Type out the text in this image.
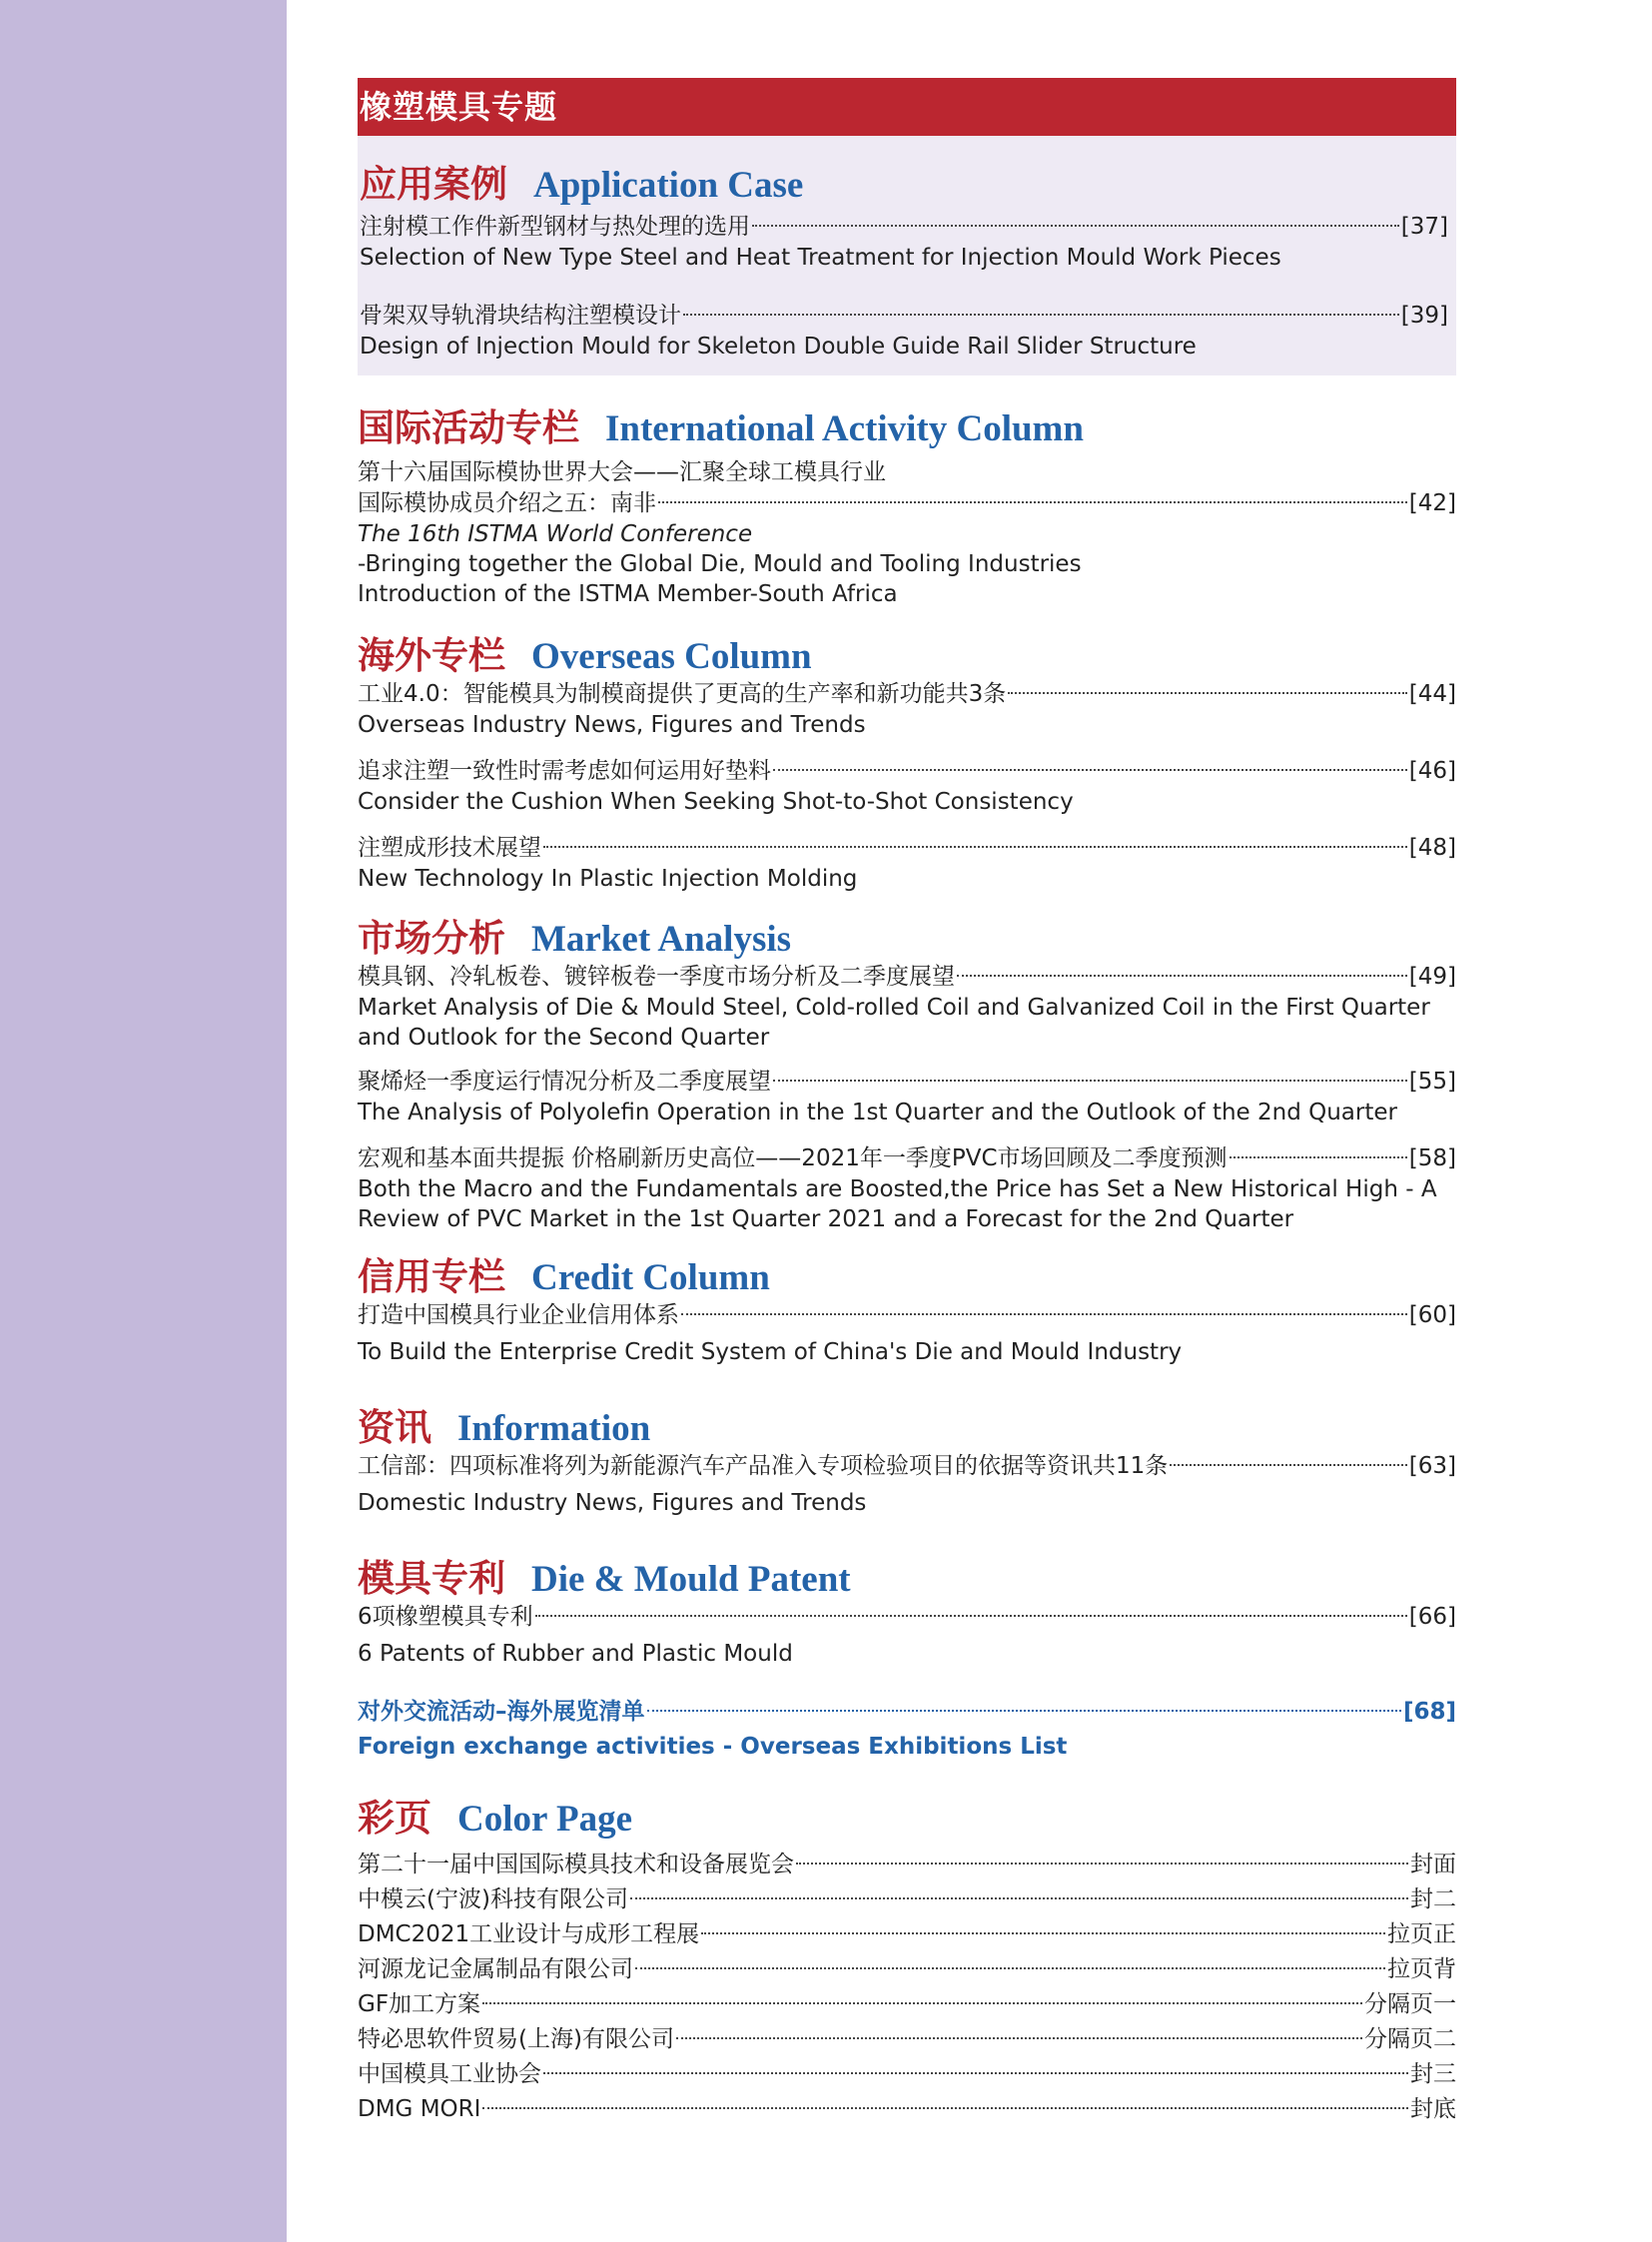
橡塑模具专题
应用案例 Application Case
注射模工作件新型钢材与热处理的选用	[37]
Selection of New Type Steel and Heat Treatment for Injection Mould Work Pieces
骨架双导轨滑块结构注塑模设计	[39]
Design of Injection Mould for Skeleton Double Guide Rail Slider Structure
国际活动专栏 International Activity Column
第十六届国际模协世界大会——汇聚全球工模具行业
国际模协成员介绍之五：南非	[42]
The 16th ISTMA World Conference
-Bringing together the Global Die, Mould and Tooling Industries
Introduction of the ISTMA Member-South Africa
海外专栏 Overseas Column
工业4.0：智能模具为制模商提供了更高的生产率和新功能共3条	[44]
Overseas Industry News, Figures and Trends
追求注塑一致性时需考虑如何运用好垫料	[46]
Consider the Cushion When Seeking Shot-to-Shot Consistency
注塑成形技术展望	[48]
New Technology In Plastic Injection Molding
市场分析 Market Analysis
模具钢、冷轧板卷、镀锌板卷一季度市场分析及二季度展望	[49]
Market Analysis of Die & Mould Steel, Cold-rolled Coil and Galvanized Coil in the First Quarter and Outlook for the Second Quarter
聚烯烃一季度运行情况分析及二季度展望	[55]
The Analysis of Polyolefin Operation in the 1st Quarter and the Outlook of the 2nd Quarter
宏观和基本面共提振 价格刷新历史高位——2021年一季度PVC市场回顾及二季度预测	[58]
Both the Macro and the Fundamentals are Boosted,the Price has Set a New Historical High - A Review of PVC Market in the 1st Quarter 2021 and a Forecast for the 2nd Quarter
信用专栏 Credit Column
打造中国模具行业企业信用体系	[60]
To Build the Enterprise Credit System of China's Die and Mould Industry
资讯 Information
工信部：四项标准将列为新能源汽车产品准入专项检验项目的依据等资讯共11条	[63]
Domestic Industry News, Figures and Trends
模具专利 Die & Mould Patent
6项橡塑模具专利	[66]
6 Patents of Rubber and Plastic Mould
对外交流活动–海外展览清单	[68]
Foreign exchange activities - Overseas Exhibitions List
彩页 Color Page
第二十一届中国国际模具技术和设备展览会	封面
中模云(宁波)科技有限公司	封二
DMC2021工业设计与成形工程展	拉页正
河源龙记金属制品有限公司	拉页背
GF加工方案	分隔页一
特必思软件贸易(上海)有限公司	分隔页二
中国模具工业协会	封三
DMG MORI	封底
